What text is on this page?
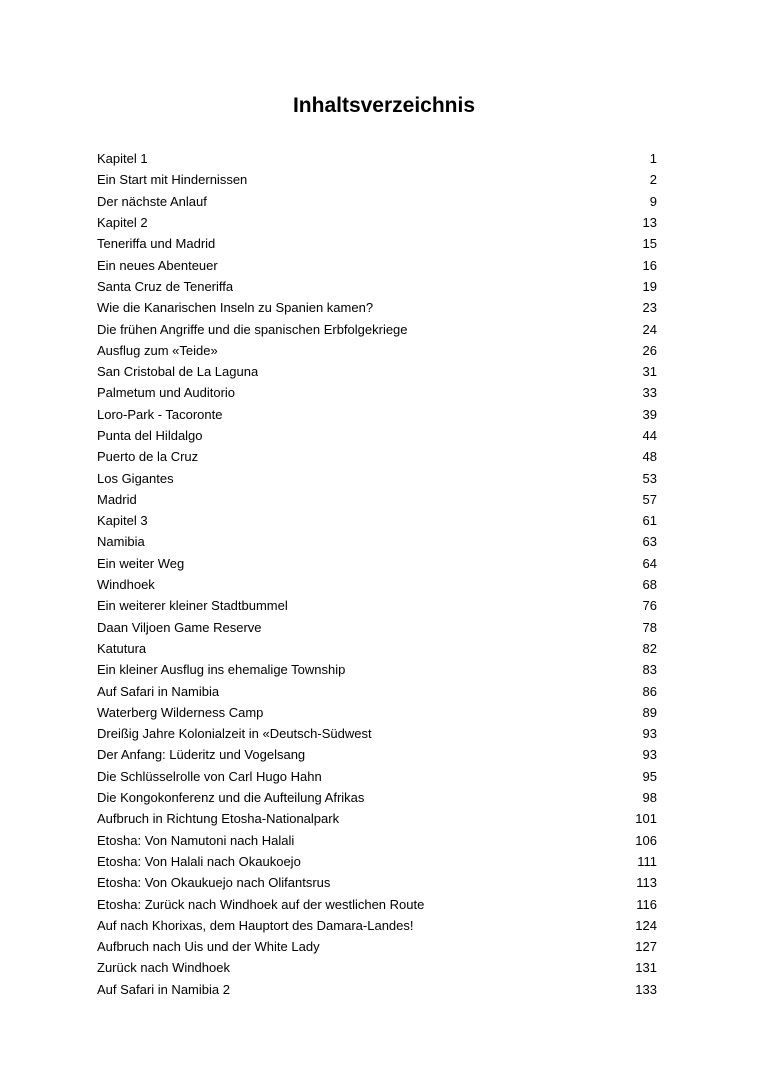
Inhaltsverzeichnis
Kapitel 1	1
Ein Start mit Hindernissen	2
Der nächste Anlauf	9
Kapitel 2	13
Teneriffa und Madrid	15
Ein neues Abenteuer	16
Santa Cruz de Teneriffa	19
Wie die Kanarischen Inseln zu Spanien kamen?	23
Die frühen Angriffe und die spanischen Erbfolgekriege	24
Ausflug zum «Teide»	26
San Cristobal de La Laguna	31
Palmetum und Auditorio	33
Loro-Park - Tacoronte	39
Punta del Hildalgo	44
Puerto de la Cruz	48
Los Gigantes	53
Madrid	57
Kapitel 3	61
Namibia	63
Ein weiter Weg	64
Windhoek	68
Ein weiterer kleiner Stadtbummel	76
Daan Viljoen Game Reserve	78
Katutura	82
Ein kleiner Ausflug ins ehemalige Township	83
Auf Safari in Namibia	86
Waterberg Wilderness Camp	89
Dreißig Jahre Kolonialzeit in «Deutsch-Südwest	93
Der Anfang: Lüderitz und Vogelsang	93
Die Schlüsselrolle von Carl Hugo Hahn	95
Die Kongokonferenz und die Aufteilung Afrikas	98
Aufbruch in Richtung Etosha-Nationalpark	101
Etosha: Von Namutoni nach Halali	106
Etosha: Von Halali nach Okaukoejo	111
Etosha: Von Okaukuejo nach Olifantsrus	113
Etosha: Zurück nach Windhoek auf der westlichen Route	116
Auf nach Khorixas, dem Hauptort des Damara-Landes!	124
Aufbruch nach Uis und der White Lady	127
Zurück nach Windhoek	131
Auf Safari in Namibia 2	133
